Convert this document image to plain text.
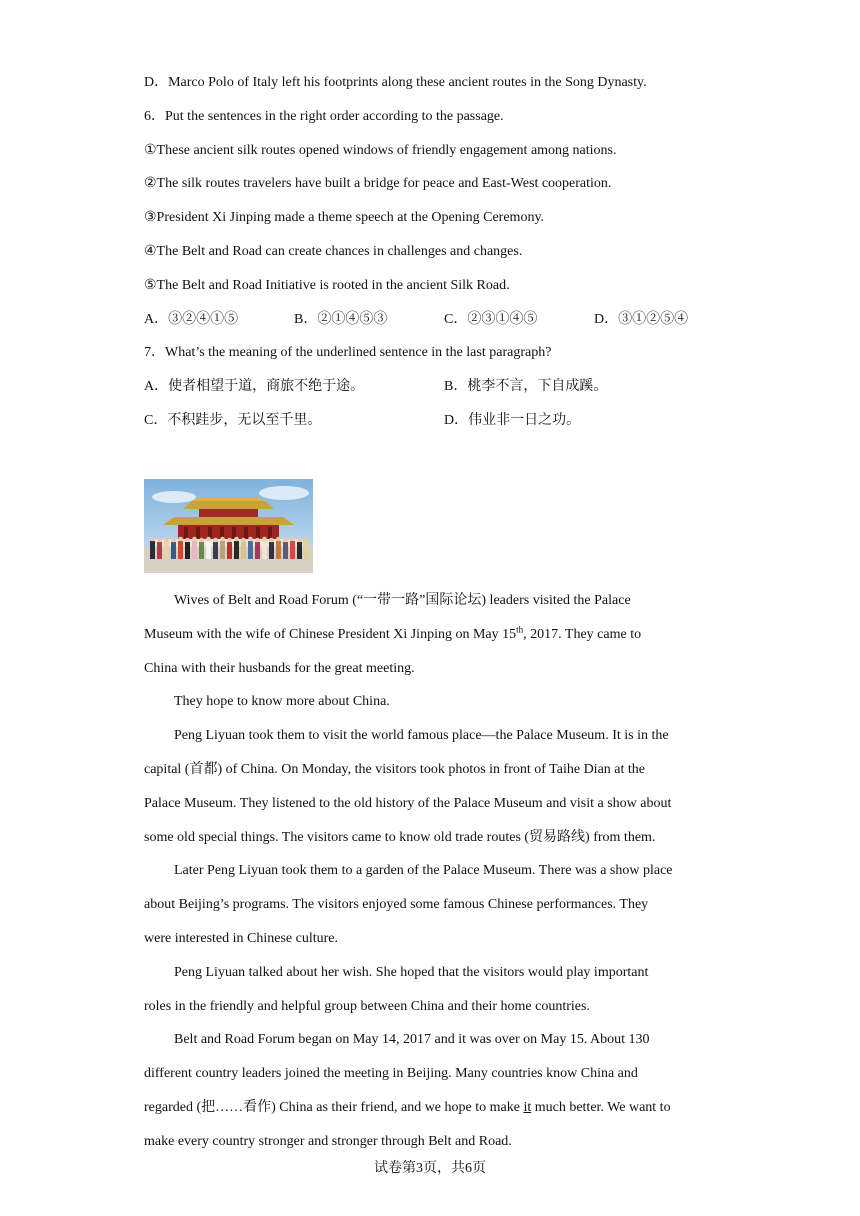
D．Marco Polo of Italy left his footprints along these ancient routes in the Song Dynasty.
6．Put the sentences in the right order according to the passage.
①These ancient silk routes opened windows of friendly engagement among nations.
②The silk routes travelers have built a bridge for peace and East-West cooperation.
③President Xi Jinping made a theme speech at the Opening Ceremony.
④The Belt and Road can create chances in challenges and changes.
⑤The Belt and Road Initiative is rooted in the ancient Silk Road.
A．③②④①⑤	B．②①④⑤③	C．②③①④⑤	D．③①②⑤④
7．What’s the meaning of the underlined sentence in the last paragraph?
A．使者相望于道，商旅不绝于途。	B．桃李不言，下自成蹊。
C．不积跬步，无以至千里。	D．伟业非一日之功。
Wives of Belt and Road Forum (“一带一路”国际论坛) leaders visited the Palace
Museum with the wife of Chinese President Xi Jinping on May 15th, 2017. They came to
China with their husbands for the great meeting.
They hope to know more about China.
Peng Liyuan took them to visit the world famous place—the Palace Museum. It is in the
capital (首都) of China. On Monday, the visitors took photos in front of Taihe Dian at the
Palace Museum. They listened to the old history of the Palace Museum and visit a show about
some old special things. The visitors came to know old trade routes (贸易路线) from them.
Later Peng Liyuan took them to a garden of the Palace Museum. There was a show place
about Beijing’s programs. The visitors enjoyed some famous Chinese performances. They
were interested in Chinese culture.
Peng Liyuan talked about her wish. She hoped that the visitors would play important
roles in the friendly and helpful group between China and their home countries.
Belt and Road Forum began on May 14, 2017 and it was over on May 15. About 130
different country leaders joined the meeting in Beijing. Many countries know China and
regarded (把……看作) China as their friend, and we hope to make it much better. We want to
make every country stronger and stronger through Belt and Road.
试卷第3页，共6页
